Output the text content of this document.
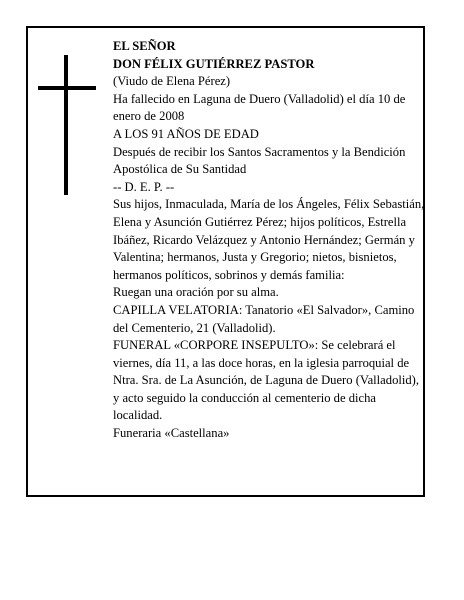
EL SEÑOR

DON FÉLIX GUTIÉRREZ PASTOR

(Viudo de Elena Pérez)

Ha fallecido en Laguna de Duero (Valladolid) el día 10 de enero de 2008

A LOS 91 AÑOS DE EDAD

Después de recibir los Santos Sacramentos y la Bendición Apostólica de Su Santidad

-- D. E. P. --

Sus hijos, Inmaculada, María de los Ángeles, Félix Sebastián, Elena y Asunción Gutiérrez Pérez; hijos políticos, Estrella Ibáñez, Ricardo Velázquez y Antonio Hernández; Germán y Valentina; hermanos, Justa y Gregorio; nietos, bisnietos, hermanos políticos, sobrinos y demás familia:

Ruegan una oración por su alma.

CAPILLA VELATORIA: Tanatorio «El Salvador», Camino del Cementerio, 21 (Valladolid).

FUNERAL «CORPORE INSEPULTO»: Se celebrará el viernes, día 11, a las doce horas, en la iglesia parroquial de Ntra. Sra. de La Asunción, de Laguna de Duero (Valladolid), y acto seguido la conducción al cementerio de dicha localidad.

Funeraria «Castellana»
